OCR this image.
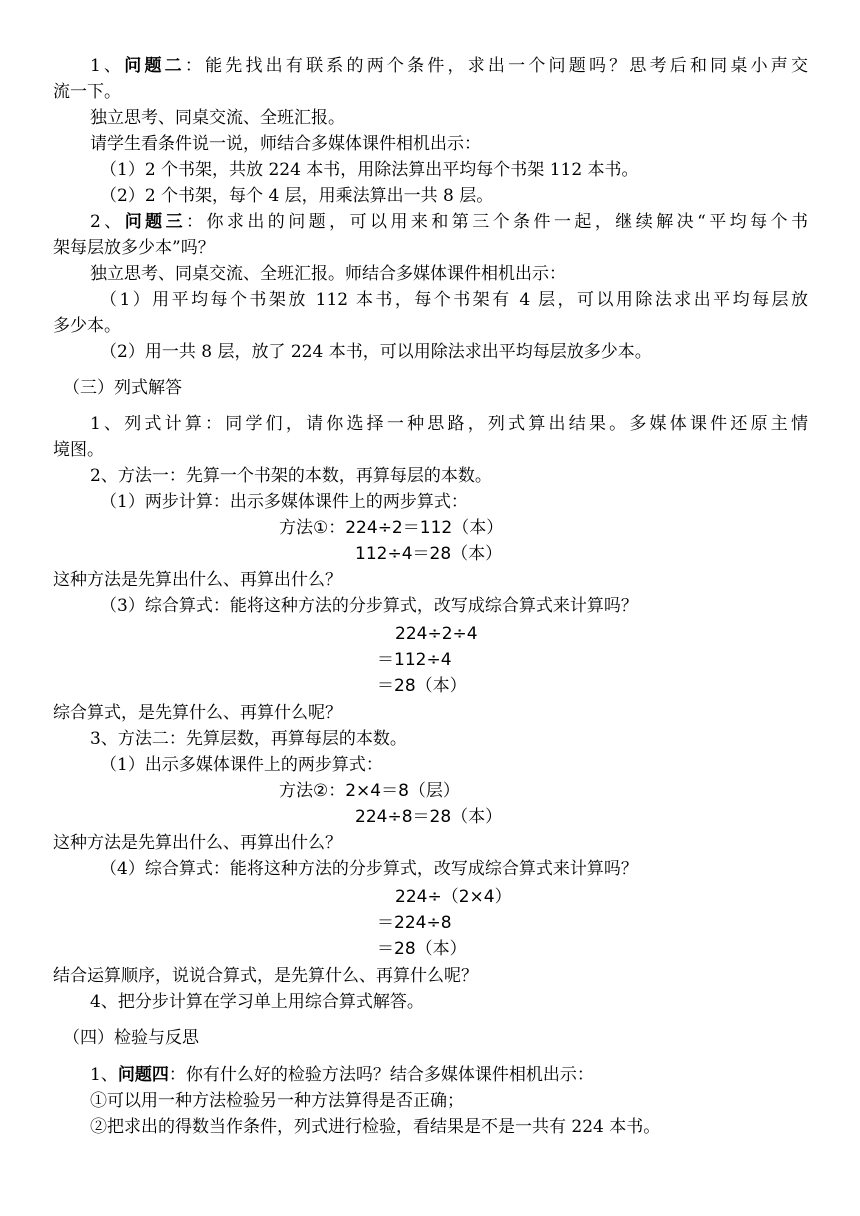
1、问题二：能先找出有联系的两个条件，求出一个问题吗？思考后和同桌小声交
流一下。
独立思考、同桌交流、全班汇报。
请学生看条件说一说，师结合多媒体课件相机出示：
（1）2 个书架，共放 224 本书，用除法算出平均每个书架 112 本书。
（2）2 个书架，每个 4 层，用乘法算出一共 8 层。
2、问题三：你求出的问题，可以用来和第三个条件一起，继续解决“平均每个书
架每层放多少本”吗？
独立思考、同桌交流、全班汇报。师结合多媒体课件相机出示：
（1）用平均每个书架放 112 本书，每个书架有 4 层，可以用除法求出平均每层放
多少本。
（2）用一共 8 层，放了 224 本书，可以用除法求出平均每层放多少本。
（三）列式解答
1、列式计算：同学们，请你选择一种思路，列式算出结果。多媒体课件还原主情
境图。
2、方法一：先算一个书架的本数，再算每层的本数。
（1）两步计算：出示多媒体课件上的两步算式：
方法①：224÷2＝112（本）
112÷4＝28（本）
这种方法是先算出什么、再算出什么？
（3）综合算式：能将这种方法的分步算式，改写成综合算式来计算吗？
224÷2÷4
＝112÷4
＝28（本）
综合算式，是先算什么、再算什么呢？
3、方法二：先算层数，再算每层的本数。
（1）出示多媒体课件上的两步算式：
方法②：2×4＝8（层）
224÷8＝28（本）
这种方法是先算出什么、再算出什么？
（4）综合算式：能将这种方法的分步算式，改写成综合算式来计算吗？
224÷（2×4）
＝224÷8
＝28（本）
结合运算顺序，说说合算式，是先算什么、再算什么呢？
4、把分步计算在学习单上用综合算式解答。
（四）检验与反思
1、问题四：你有什么好的检验方法吗？结合多媒体课件相机出示：
①可以用一种方法检验另一种方法算得是否正确；
②把求出的得数当作条件，列式进行检验，看结果是不是一共有 224 本书。
